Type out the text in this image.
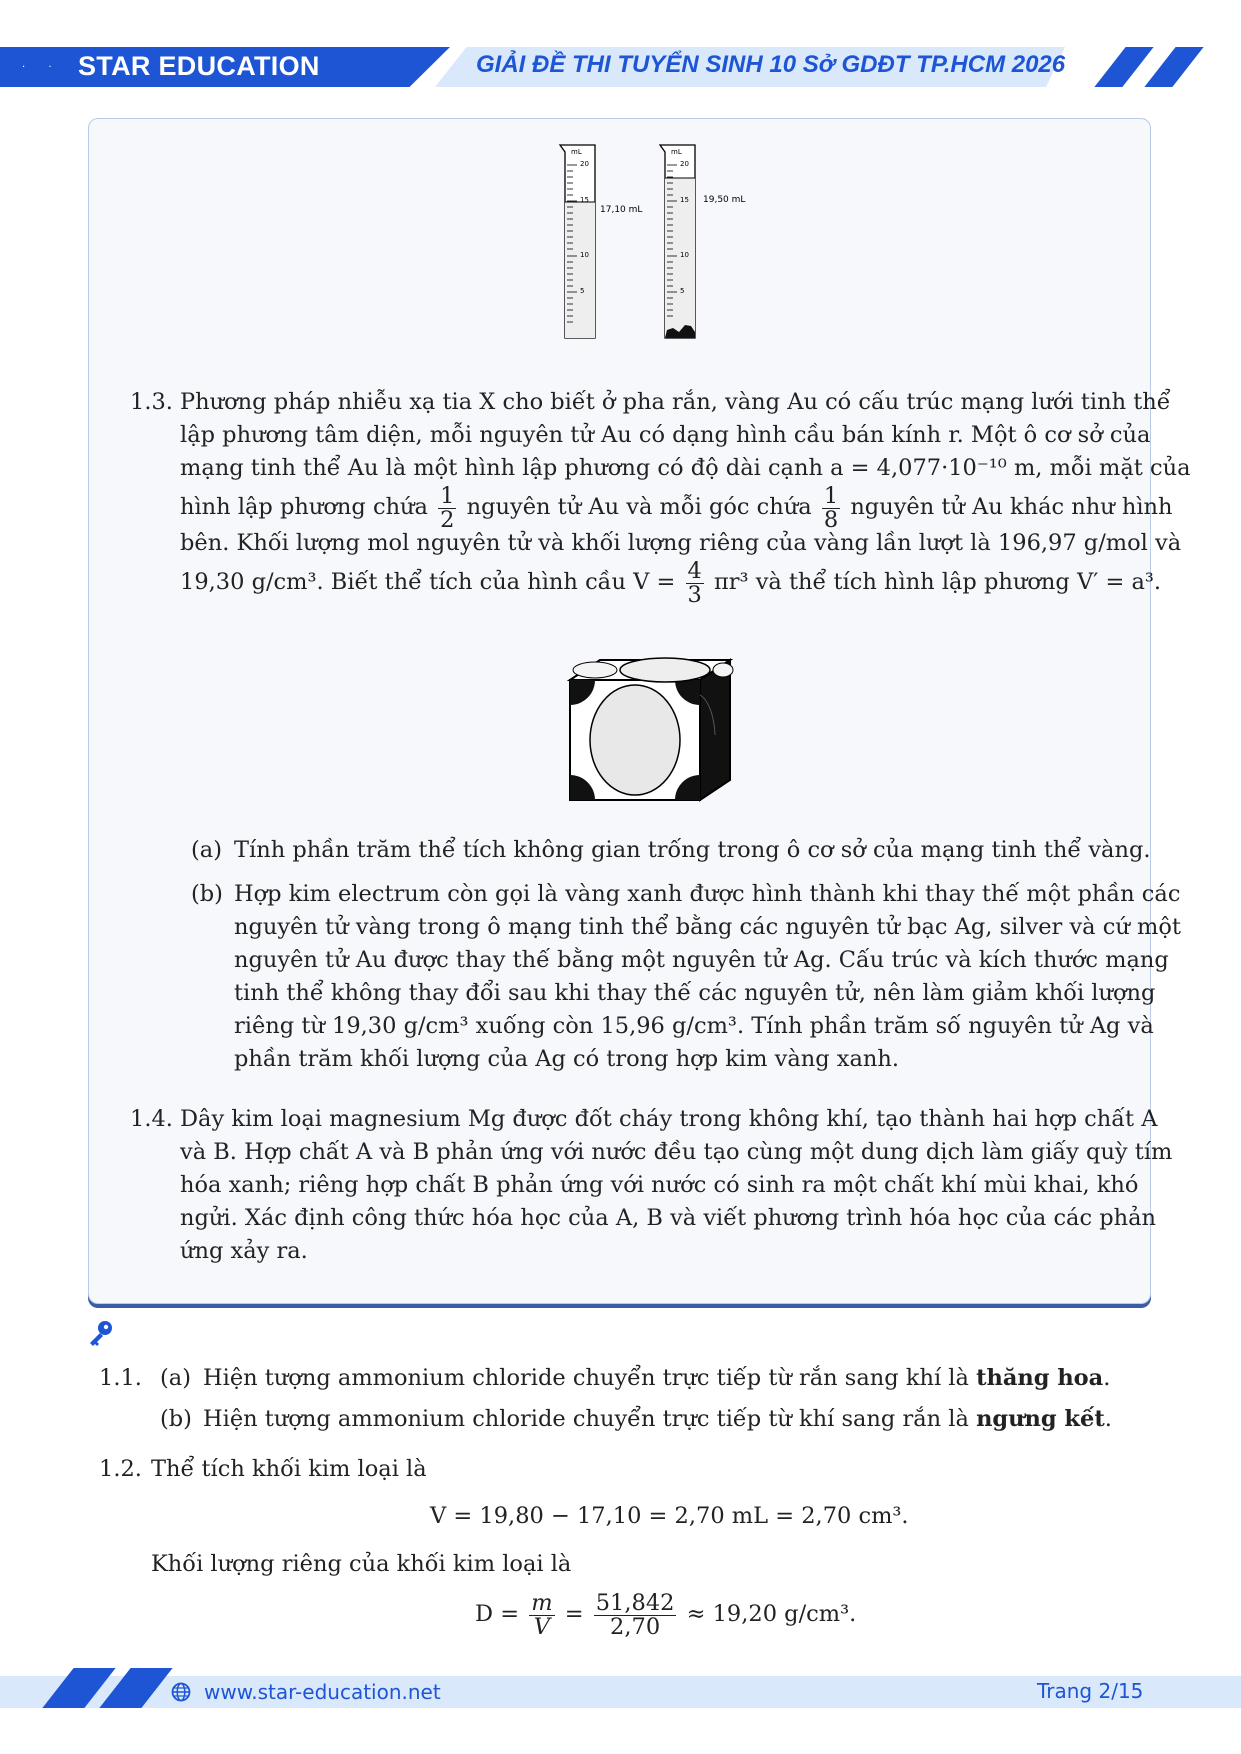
· · STAR EDUCATION	GIẢI ĐỀ THI TUYỂN SINH 10 Sở GDĐT TP.HCM 2026
mL
20
15
10
5
17,10 mL
mL
20
15
10
5
19,50 mL
1.3. Phương pháp nhiễu xạ tia X cho biết ở pha rắn, vàng Au có cấu trúc mạng lưới tinh thể
lập phương tâm diện, mỗi nguyên tử Au có dạng hình cầu bán kính r. Một ô cơ sở của
mạng tinh thể Au là một hình lập phương có độ dài cạnh a = 4,077·10⁻¹⁰ m, mỗi mặt của
hình lập phương chứa $\frac{1}{2}$ nguyên tử Au và mỗi góc chứa $\frac{1}{8}$ nguyên tử Au khác như hình
bên. Khối lượng mol nguyên tử và khối lượng riêng của vàng lần lượt là 196,97 g/mol và
19,30 g/cm³. Biết thể tích của hình cầu $V = \frac{4}{3} \pi r^3$ và thể tích hình lập phương V′ = a³.
(a) Tính phần trăm thể tích không gian trống trong ô cơ sở của mạng tinh thể vàng.
(b) Hợp kim electrum còn gọi là vàng xanh được hình thành khi thay thế một phần các
nguyên tử vàng trong ô mạng tinh thể bằng các nguyên tử bạc Ag, silver và cứ một
nguyên tử Au được thay thế bằng một nguyên tử Ag. Cấu trúc và kích thước mạng
tinh thể không thay đổi sau khi thay thế các nguyên tử, nên làm giảm khối lượng
riêng từ 19,30 g/cm³ xuống còn 15,96 g/cm³. Tính phần trăm số nguyên tử Ag và
phần trăm khối lượng của Ag có trong hợp kim vàng xanh.
1.4. Dây kim loại magnesium Mg được đốt cháy trong không khí, tạo thành hai hợp chất A
và B. Hợp chất A và B phản ứng với nước đều tạo cùng một dung dịch làm giấy quỳ tím
hóa xanh; riêng hợp chất B phản ứng với nước có sinh ra một chất khí mùi khai, khó
ngửi. Xác định công thức hóa học của A, B và viết phương trình hóa học của các phản
ứng xảy ra.
1.1. (a) Hiện tượng ammonium chloride chuyển trực tiếp từ rắn sang khí là thăng hoa.
(b) Hiện tượng ammonium chloride chuyển trực tiếp từ khí sang rắn là ngưng kết.
1.2. Thể tích khối kim loại là
V = 19,80 − 17,10 = 2,70 mL = 2,70 cm³.
Khối lượng riêng của khối kim loại là
$D = \frac{m}{V} = \frac{51,842}{2,70} \approx 19,20$ g/cm³.
www.star-education.net	Trang 2/15
